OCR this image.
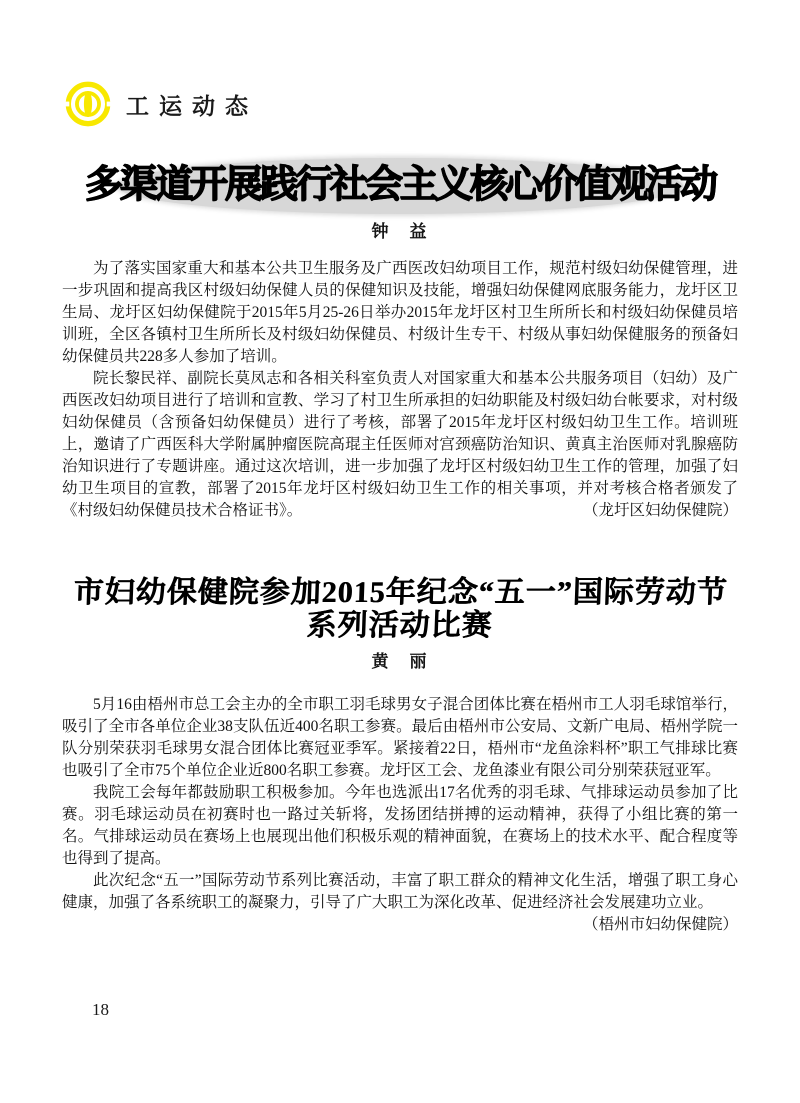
工运动态
多渠道开展践行社会主义核心价值观活动
钟　益

为了落实国家重大和基本公共卫生服务及广西医改妇幼项目工作，规范村级妇幼保健管理，进一步巩固和提高我区村级妇幼保健人员的保健知识及技能，增强妇幼保健网底服务能力，龙圩区卫生局、龙圩区妇幼保健院于2015年5月25-26日举办2015年龙圩区村卫生所所长和村级妇幼保健员培训班，全区各镇村卫生所所长及村级妇幼保健员、村级计生专干、村级从事妇幼保健服务的预备妇幼保健员共228多人参加了培训。

院长黎民祥、副院长莫凤志和各相关科室负责人对国家重大和基本公共服务项目（妇幼）及广西医改妇幼项目进行了培训和宣教、学习了村卫生所承担的妇幼职能及村级妇幼台帐要求，对村级妇幼保健员（含预备妇幼保健员）进行了考核，部署了2015年龙圩区村级妇幼卫生工作。培训班上，邀请了广西医科大学附属肿瘤医院高琨主任医师对宫颈癌防治知识、黄真主治医师对乳腺癌防治知识进行了专题讲座。通过这次培训，进一步加强了龙圩区村级妇幼卫生工作的管理，加强了妇幼卫生项目的宣教，部署了2015年龙圩区村级妇幼卫生工作的相关事项，并对考核合格者颁发了《村级妇幼保健员技术合格证书》。	（龙圩区妇幼保健院）
市妇幼保健院参加2015年纪念“五一”国际劳动节
系列活动比赛
黄　丽

5月16由梧州市总工会主办的全市职工羽毛球男女子混合团体比赛在梧州市工人羽毛球馆举行，吸引了全市各单位企业38支队伍近400名职工参赛。最后由梧州市公安局、文新广电局、梧州学院一队分别荣获羽毛球男女混合团体比赛冠亚季军。紧接着22日，梧州市“龙鱼涂料杯”职工气排球比赛也吸引了全市75个单位企业近800名职工参赛。龙圩区工会、龙鱼漆业有限公司分别荣获冠亚军。

我院工会每年都鼓励职工积极参加。今年也选派出17名优秀的羽毛球、气排球运动员参加了比赛。羽毛球运动员在初赛时也一路过关斩将，发扬团结拼搏的运动精神，获得了小组比赛的第一名。气排球运动员在赛场上也展现出他们积极乐观的精神面貌，在赛场上的技术水平、配合程度等也得到了提高。

此次纪念“五一”国际劳动节系列比赛活动，丰富了职工群众的精神文化生活，增强了职工身心健康，加强了各系统职工的凝聚力，引导了广大职工为深化改革、促进经济社会发展建功立业。

（梧州市妇幼保健院）
18
